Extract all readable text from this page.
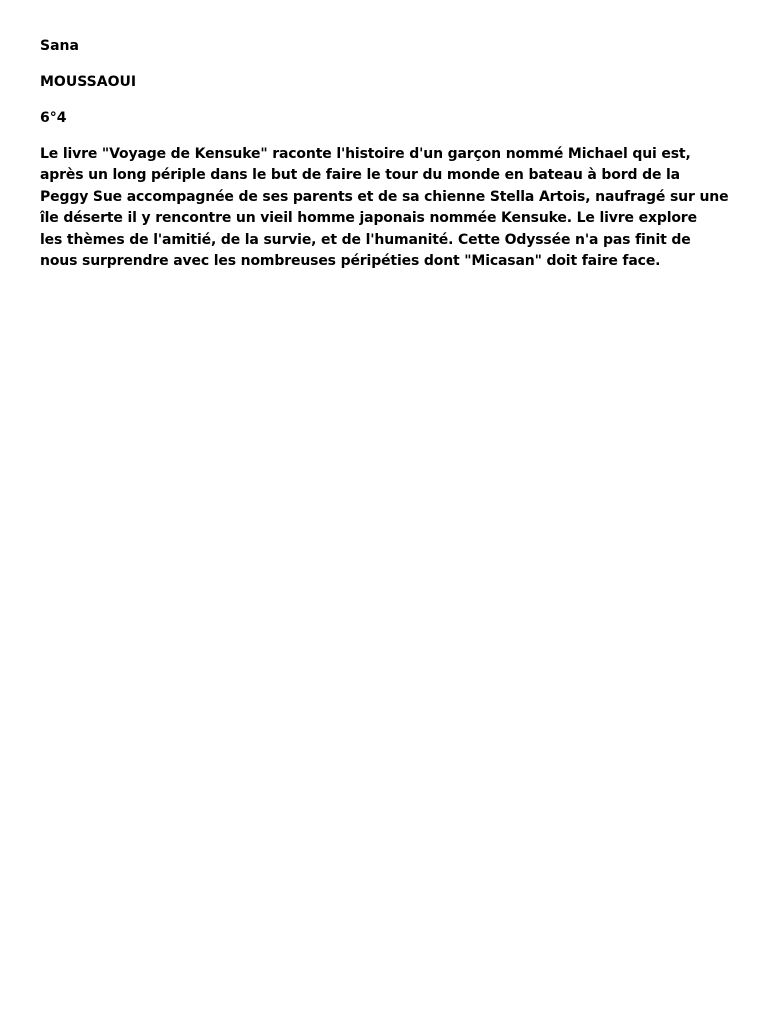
Sana

MOUSSAOUI

6°4

Le livre "Voyage de Kensuke" raconte l'histoire d'un garçon nommé Michael qui est,
après un long périple dans le but de faire le tour du monde en bateau à bord de la
Peggy Sue accompagnée de ses parents et de sa chienne Stella Artois, naufragé sur une
île déserte il y rencontre un vieil homme japonais nommée Kensuke. Le livre explore
les thèmes de l'amitié, de la survie, et de l'humanité. Cette Odyssée n'a pas finit de
nous surprendre avec les nombreuses péripéties dont "Micasan" doit faire face.
